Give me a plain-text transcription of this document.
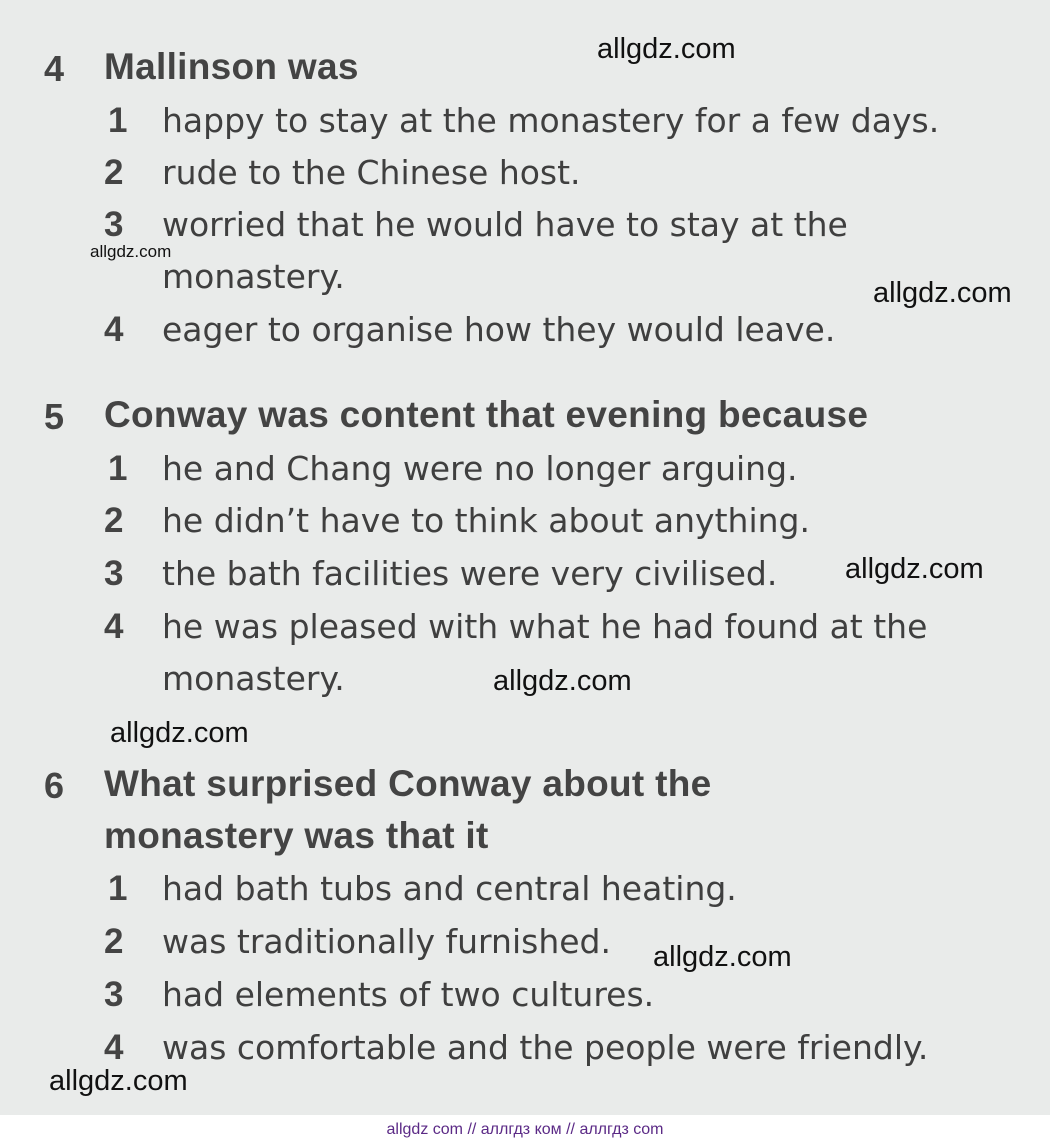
4 Mallinson was
1 happy to stay at the monastery for a few days.
2 rude to the Chinese host.
3 worried that he would have to stay at the
monastery.
4 eager to organise how they would leave.
5 Conway was content that evening because
1 he and Chang were no longer arguing.
2 he didn’t have to think about anything.
3 the bath facilities were very civilised.
4 he was pleased with what he had found at the
monastery.
6 What surprised Conway about the
monastery was that it
1 had bath tubs and central heating.
2 was traditionally furnished.
3 had elements of two cultures.
4 was comfortable and the people were friendly.
allgdz.com
allgdz.com
allgdz.com
allgdz.com
allgdz.com
allgdz.com
allgdz.com
allgdz.com
allgdz com // аллгдз ком // аллгдз com
